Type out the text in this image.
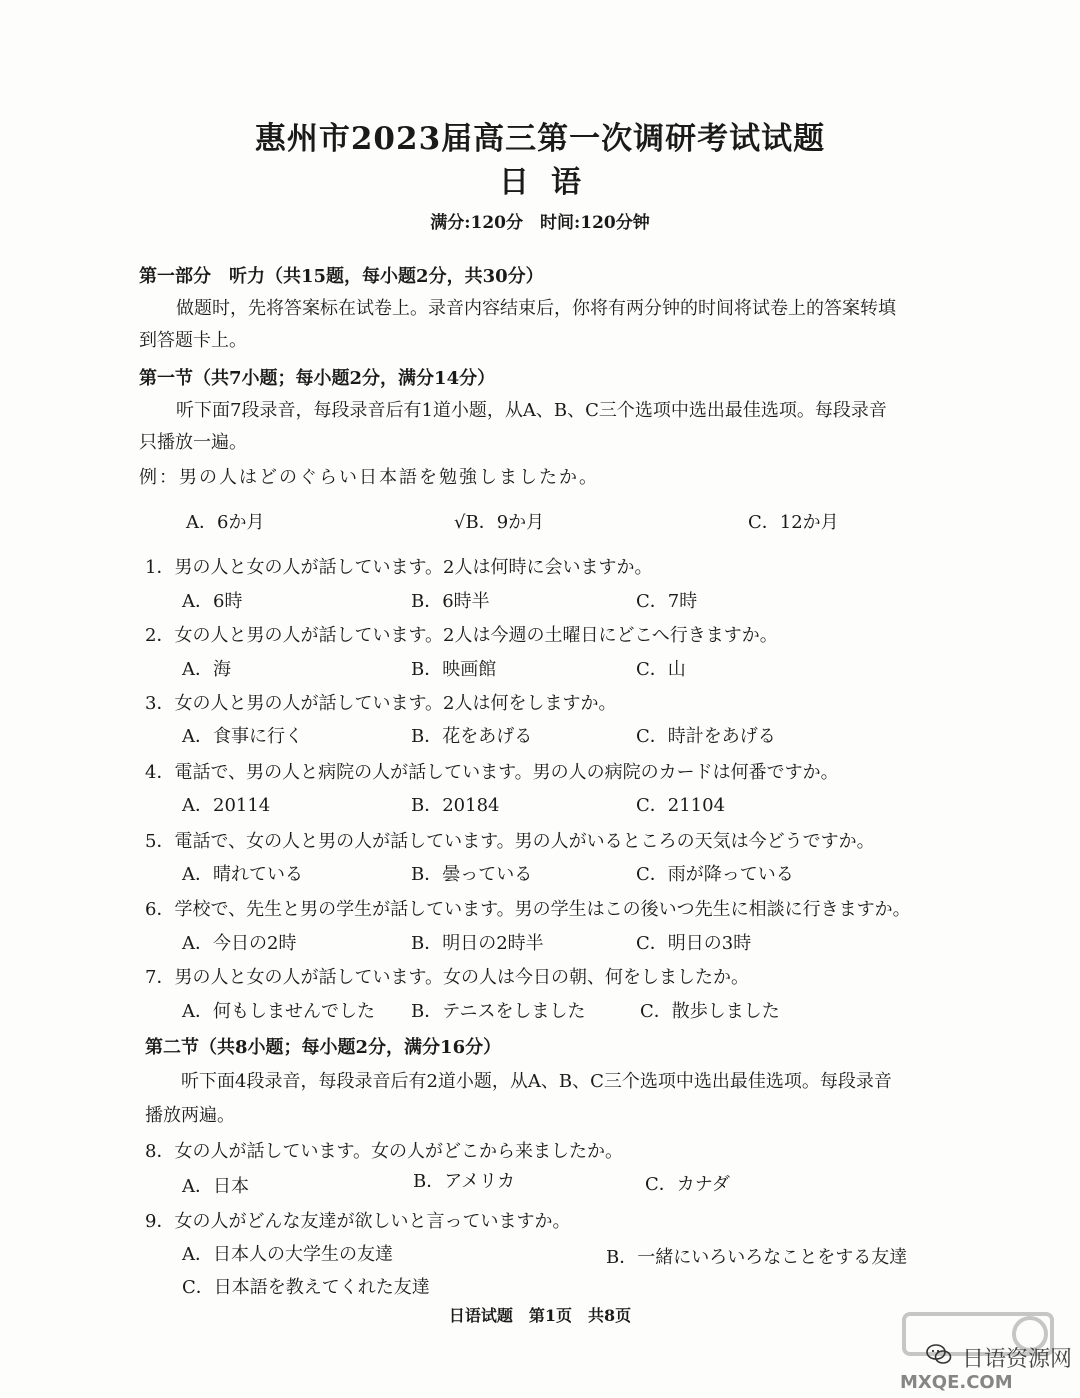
惠州市2023届高三第一次调研考试试题
日语
满分:120分　时间:120分钟
第一部分　听力（共15题，每小题2分，共30分）
做题时，先将答案标在试卷上。录音内容结束后，你将有两分钟的时间将试卷上的答案转填
到答题卡上。
第一节（共7小题；每小题2分，满分14分）
听下面7段录音，每段录音后有1道小题，从A、B、C三个选项中选出最佳选项。每段录音
只播放一遍。
例：男の人はどのぐらい日本語を勉強しましたか。
A．6か月	√B．9か月	C．12か月
1．男の人と女の人が話しています。2人は何時に会いますか。
A．6時	B．6時半	C．7時
2．女の人と男の人が話しています。2人は今週の土曜日にどこへ行きますか。
A．海	B．映画館	C．山
3．女の人と男の人が話しています。2人は何をしますか。
A．食事に行く	B．花をあげる	C．時計をあげる
4．電話で、男の人と病院の人が話しています。男の人の病院のカードは何番ですか。
A．20114	B．20184	C．21104
5．電話で、女の人と男の人が話しています。男の人がいるところの天気は今どうですか。
A．晴れている	B．曇っている	C．雨が降っている
6．学校で、先生と男の学生が話しています。男の学生はこの後いつ先生に相談に行きますか。
A．今日の2時	B．明日の2時半	C．明日の3時
7．男の人と女の人が話しています。女の人は今日の朝、何をしましたか。
A．何もしませんでした B．テニスをしました	C．散歩しました
第二节（共8小题；每小题2分，满分16分）
听下面4段录音，每段录音后有2道小题，从A、B、C三个选项中选出最佳选项。每段录音
播放两遍。
8．女の人が話しています。女の人がどこから来ましたか。
A．日本	B．アメリカ	C．カナダ
9．女の人がどんな友達が欲しいと言っていますか。
A．日本人の大学生の友達	B．一緒にいろいろなことをする友達
C．日本語を教えてくれた友達
日语试题　第1页　共8页
日语资源网
MXQE.COM
